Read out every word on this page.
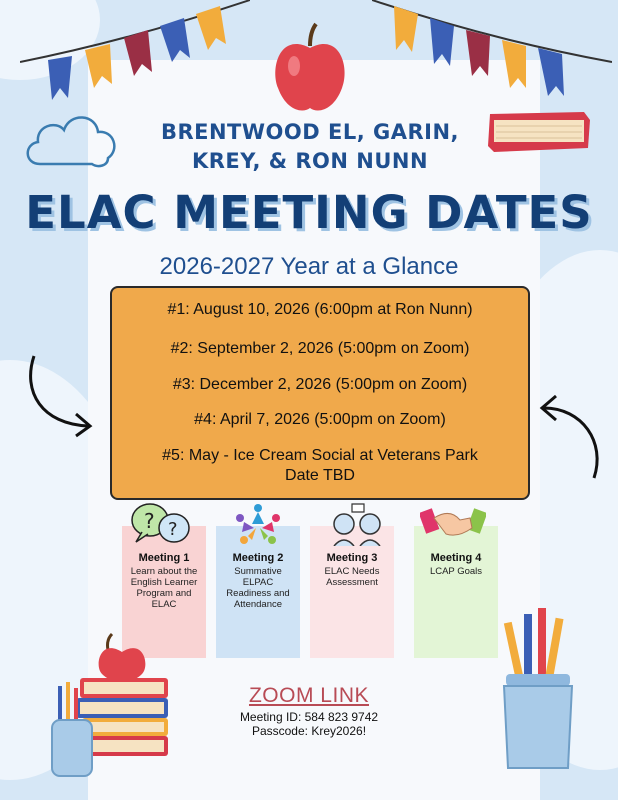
BRENTWOOD EL, GARIN,
KREY, & RON NUNN
ELAC MEETING DATES
2026-2027 Year at a Glance
#1: August 10, 2026 (6:00pm at Ron Nunn)
#2: September 2, 2026 (5:00pm on Zoom)
#3: December 2, 2026 (5:00pm on Zoom)
#4: April 7, 2026 (5:00pm on Zoom)
#5: May - Ice Cream Social at Veterans Park
Date TBD
Meeting 1
Learn about the English Learner Program and ELAC
Meeting 2
Summative ELPAC Readiness and Attendance
Meeting 3
ELAC Needs Assessment
Meeting 4
LCAP Goals
? ?
ZOOM LINK
Meeting ID: 584 823 9742
Passcode: Krey2026!
